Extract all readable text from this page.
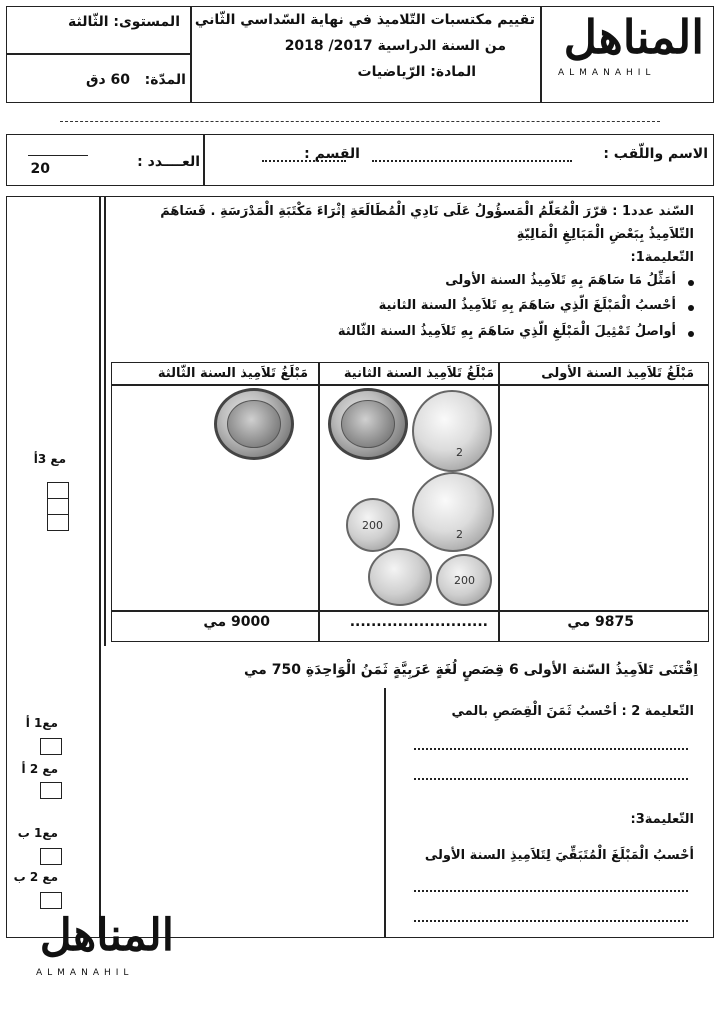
المناهل
ALMANAHIL
تقييم مكتسبات التّلاميذ في نهاية السّداسي الثّاني
من السنة الدراسية 2017/ 2018
المادة: الرّياضيات
المستوى: الثّالثة
المدّة:
60 دق
الاسم واللّقب :
القسم :
العــــدد :
20
السّند عدد1 : قرّرَ الْمُعَلّمُ الْمَسؤُولُ عَلَى نَادِي الْمُطَالَعَةِ إثْرَاءَ مَكْتَبَةِ الْمَدْرَسَةِ . فَسَاهَمَ
التّلاَمِيذُ بِبَعْضِ الْمَبَالِغِ الْمَالِيّةِ
التّعليمة1:
أمَثِّلُ مَا سَاهَمَ بِهِ تَلاَمِيذُ السنة الأولى
أحْسبُ الْمَبْلَغَ الّذِي سَاهَمَ بِهِ تَلاَمِيذُ السنة الثانية
أواصلُ تَمْثِيلَ الْمَبْلَغِ الّذِي سَاهَمَ بِهِ تَلاَمِيذُ السنة الثّالثة
مَبْلَغُ تَلاَمِيذ السنة الأولى
مَبْلَغُ تَلاَمِيذ السنة الثانية
مَبْلَغُ تَلاَمِيذ السنة الثّالثة
2
2
200
200
9875 مي
..........................
9000 مي
مع 3أ
مع1 أ
مع 2 أ
مع1 ب
مع 2 ب
اِقْتَنَى تَلاَمِيذُ السّنة الأولى 6 قِصَصٍ لُغَةٍ عَرَبِيَّةٍ ثَمَنُ الْوَاحِدَةِ 750 مي
التّعليمة 2 : أحْسبُ ثَمَنَ الْقِصَصِ بالمي
التّعليمة3:
أحْسبُ الْمَبْلَغَ الْمُتَبَقِّيَ لِتَلاَمِيذِ السنة الأولى
المناهل
ALMANAHIL
